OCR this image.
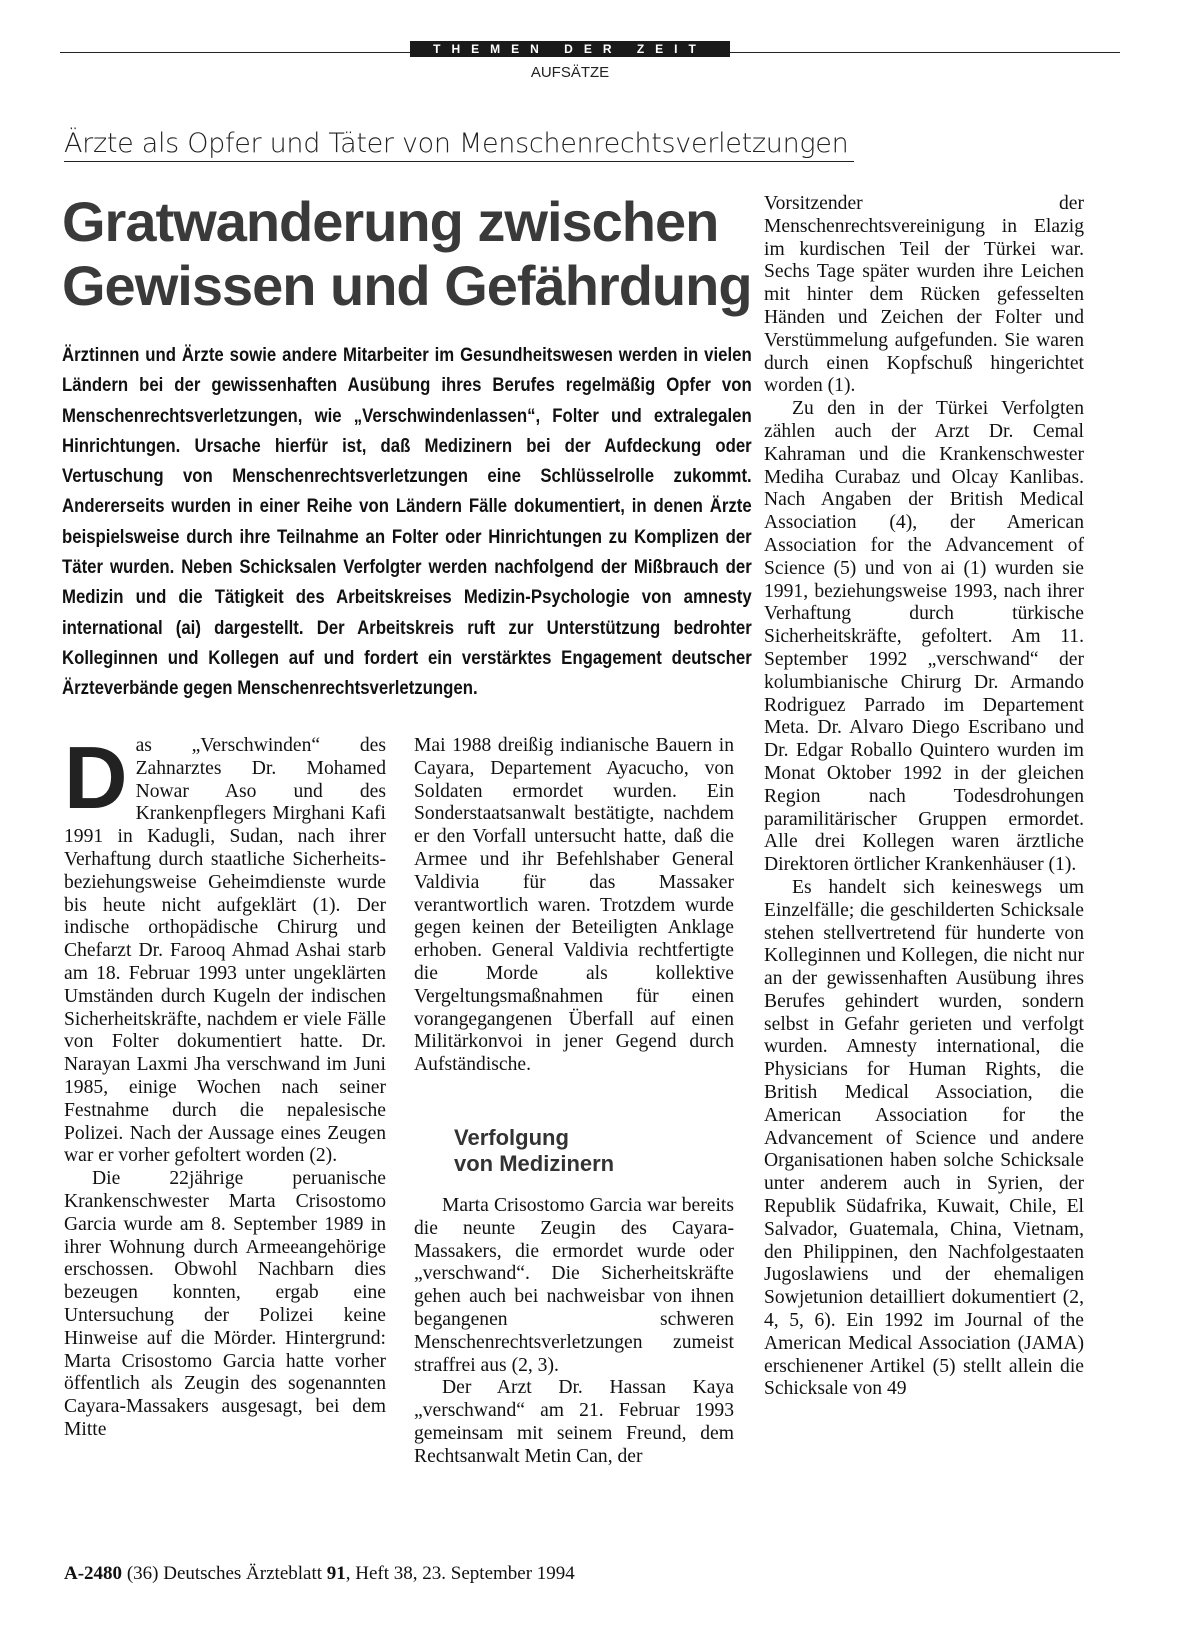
THEMEN DER ZEIT
AUFSÄTZE
Ärzte als Opfer und Täter von Menschenrechtsverletzungen
Gratwanderung zwischen
Gewissen und Gefährdung
Ärztinnen und Ärzte sowie andere Mitarbeiter im Gesundheitswesen werden in vielen Ländern bei der gewissenhaften Ausübung ihres Berufes regelmäßig Opfer von Menschenrechtsverletzungen, wie „Verschwindenlassen“, Folter und extralegalen Hinrichtungen. Ursache hierfür ist, daß Medizinern bei der Aufdeckung oder Vertuschung von Menschenrechtsverletzungen eine Schlüsselrolle zukommt. Andererseits wurden in einer Reihe von Ländern Fälle dokumentiert, in denen Ärzte beispielsweise durch ihre Teilnahme an Folter oder Hinrichtungen zu Komplizen der Täter wurden. Neben Schicksalen Verfolgter werden nachfolgend der Mißbrauch der Medizin und die Tätigkeit des Arbeitskreises Medizin-Psychologie von amnesty international (ai) dargestellt. Der Arbeitskreis ruft zur Unterstützung bedrohter Kolleginnen und Kollegen auf und fordert ein verstärktes Engagement deutscher Ärzteverbände gegen Menschenrechtsverletzungen.

Das „Verschwinden“ des Zahnarztes Dr. Mohamed Nowar Aso und des Krankenpflegers Mirghani Kafi 1991 in Kadugli, Sudan, nach ihrer Verhaftung durch staatliche Sicherheits- beziehungsweise Geheimdienste wurde bis heute nicht aufgeklärt (1). Der indische orthopädische Chirurg und Chefarzt Dr. Farooq Ahmad Ashai starb am 18. Februar 1993 unter ungeklärten Umständen durch Kugeln der indischen Sicherheitskräfte, nachdem er viele Fälle von Folter dokumentiert hatte. Dr. Narayan Laxmi Jha verschwand im Juni 1985, einige Wochen nach seiner Festnahme durch die nepalesische Polizei. Nach der Aussage eines Zeugen war er vorher gefoltert worden (2).

Die 22jährige peruanische Krankenschwester Marta Crisostomo Garcia wurde am 8. September 1989 in ihrer Wohnung durch Armeeangehörige erschossen. Obwohl Nachbarn dies bezeugen konnten, ergab eine Untersuchung der Polizei keine Hinweise auf die Mörder. Hintergrund: Marta Crisostomo Garcia hatte vorher öffentlich als Zeugin des sogenannten Cayara-Massakers ausgesagt, bei dem Mitte

Mai 1988 dreißig indianische Bauern in Cayara, Departement Ayacucho, von Soldaten ermordet wurden. Ein Sonderstaatsanwalt bestätigte, nachdem er den Vorfall untersucht hatte, daß die Armee und ihr Befehlshaber General Valdivia für das Massaker verantwortlich waren. Trotzdem wurde gegen keinen der Beteiligten Anklage erhoben. General Valdivia rechtfertigte die Morde als kollektive Vergeltungsmaßnahmen für einen vorangegangenen Überfall auf einen Militärkonvoi in jener Gegend durch Aufständische.

Verfolgung
von Medizinern

Marta Crisostomo Garcia war bereits die neunte Zeugin des Cayara-Massakers, die ermordet wurde oder „verschwand“. Die Sicherheitskräfte gehen auch bei nachweisbar von ihnen begangenen schweren Menschenrechtsverletzungen zumeist straffrei aus (2, 3).

Der Arzt Dr. Hassan Kaya „verschwand“ am 21. Februar 1993 gemeinsam mit seinem Freund, dem Rechtsanwalt Metin Can, der

Vorsitzender der Menschenrechtsvereinigung in Elazig im kurdischen Teil der Türkei war. Sechs Tage später wurden ihre Leichen mit hinter dem Rücken gefesselten Händen und Zeichen der Folter und Verstümmelung aufgefunden. Sie waren durch einen Kopfschuß hingerichtet worden (1).

Zu den in der Türkei Verfolgten zählen auch der Arzt Dr. Cemal Kahraman und die Krankenschwester Mediha Curabaz und Olcay Kanlibas. Nach Angaben der British Medical Association (4), der American Association for the Advancement of Science (5) und von ai (1) wurden sie 1991, beziehungsweise 1993, nach ihrer Verhaftung durch türkische Sicherheitskräfte, gefoltert. Am 11. September 1992 „verschwand“ der kolumbianische Chirurg Dr. Armando Rodriguez Parrado im Departement Meta. Dr. Alvaro Diego Escribano und Dr. Edgar Roballo Quintero wurden im Monat Oktober 1992 in der gleichen Region nach Todesdrohungen paramilitärischer Gruppen ermordet. Alle drei Kollegen waren ärztliche Direktoren örtlicher Krankenhäuser (1).

Es handelt sich keineswegs um Einzelfälle; die geschilderten Schicksale stehen stellvertretend für hunderte von Kolleginnen und Kollegen, die nicht nur an der gewissenhaften Ausübung ihres Berufes gehindert wurden, sondern selbst in Gefahr gerieten und verfolgt wurden. Amnesty international, die Physicians for Human Rights, die British Medical Association, die American Association for the Advancement of Science und andere Organisationen haben solche Schicksale unter anderem auch in Syrien, der Republik Südafrika, Kuwait, Chile, El Salvador, Guatemala, China, Vietnam, den Philippinen, den Nachfolgestaaten Jugoslawiens und der ehemaligen Sowjetunion detailliert dokumentiert (2, 4, 5, 6). Ein 1992 im Journal of the American Medical Association (JAMA) erschienener Artikel (5) stellt allein die Schicksale von 49

A-2480 (36) Deutsches Ärzteblatt 91, Heft 38, 23. September 1994
